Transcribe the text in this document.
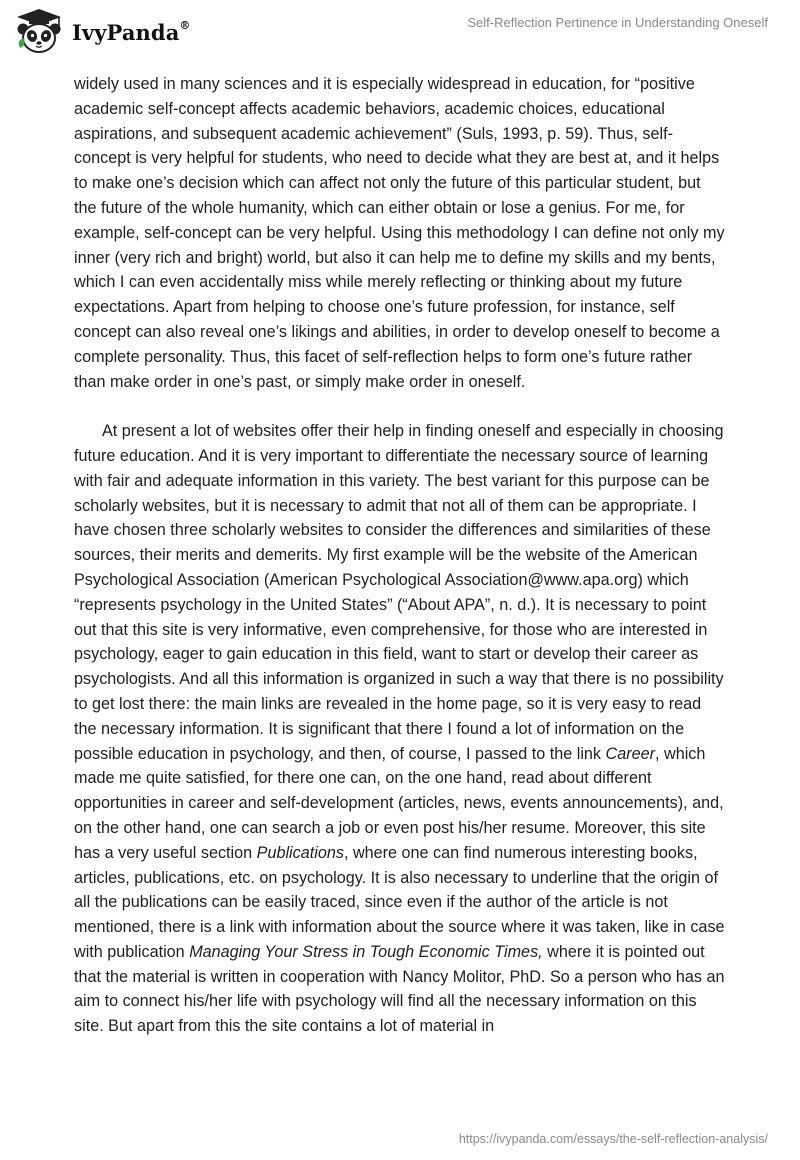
IvyPanda®	Self-Reflection Pertinence in Understanding Oneself

widely used in many sciences and it is especially widespread in education, for “positive academic self-concept affects academic behaviors, academic choices, educational aspirations, and subsequent academic achievement” (Suls, 1993, p. 59). Thus, self-concept is very helpful for students, who need to decide what they are best at, and it helps to make one’s decision which can affect not only the future of this particular student, but the future of the whole humanity, which can either obtain or lose a genius. For me, for example, self-concept can be very helpful. Using this methodology I can define not only my inner (very rich and bright) world, but also it can help me to define my skills and my bents, which I can even accidentally miss while merely reflecting or thinking about my future expectations. Apart from helping to choose one’s future profession, for instance, self concept can also reveal one’s likings and abilities, in order to develop oneself to become a complete personality. Thus, this facet of self-reflection helps to form one’s future rather than make order in one’s past, or simply make order in oneself.

At present a lot of websites offer their help in finding oneself and especially in choosing future education. And it is very important to differentiate the necessary source of learning with fair and adequate information in this variety. The best variant for this purpose can be scholarly websites, but it is necessary to admit that not all of them can be appropriate. I have chosen three scholarly websites to consider the differences and similarities of these sources, their merits and demerits. My first example will be the website of the American Psychological Association (American Psychological Association@www.apa.org) which “represents psychology in the United States” (“About APA”, n. d.). It is necessary to point out that this site is very informative, even comprehensive, for those who are interested in psychology, eager to gain education in this field, want to start or develop their career as psychologists. And all this information is organized in such a way that there is no possibility to get lost there: the main links are revealed in the home page, so it is very easy to read the necessary information. It is significant that there I found a lot of information on the possible education in psychology, and then, of course, I passed to the link Career, which made me quite satisfied, for there one can, on the one hand, read about different opportunities in career and self-development (articles, news, events announcements), and, on the other hand, one can search a job or even post his/her resume. Moreover, this site has a very useful section Publications, where one can find numerous interesting books, articles, publications, etc. on psychology. It is also necessary to underline that the origin of all the publications can be easily traced, since even if the author of the article is not mentioned, there is a link with information about the source where it was taken, like in case with publication Managing Your Stress in Tough Economic Times, where it is pointed out that the material is written in cooperation with Nancy Molitor, PhD. So a person who has an aim to connect his/her life with psychology will find all the necessary information on this site. But apart from this the site contains a lot of material in

https://ivypanda.com/essays/the-self-reflection-analysis/
